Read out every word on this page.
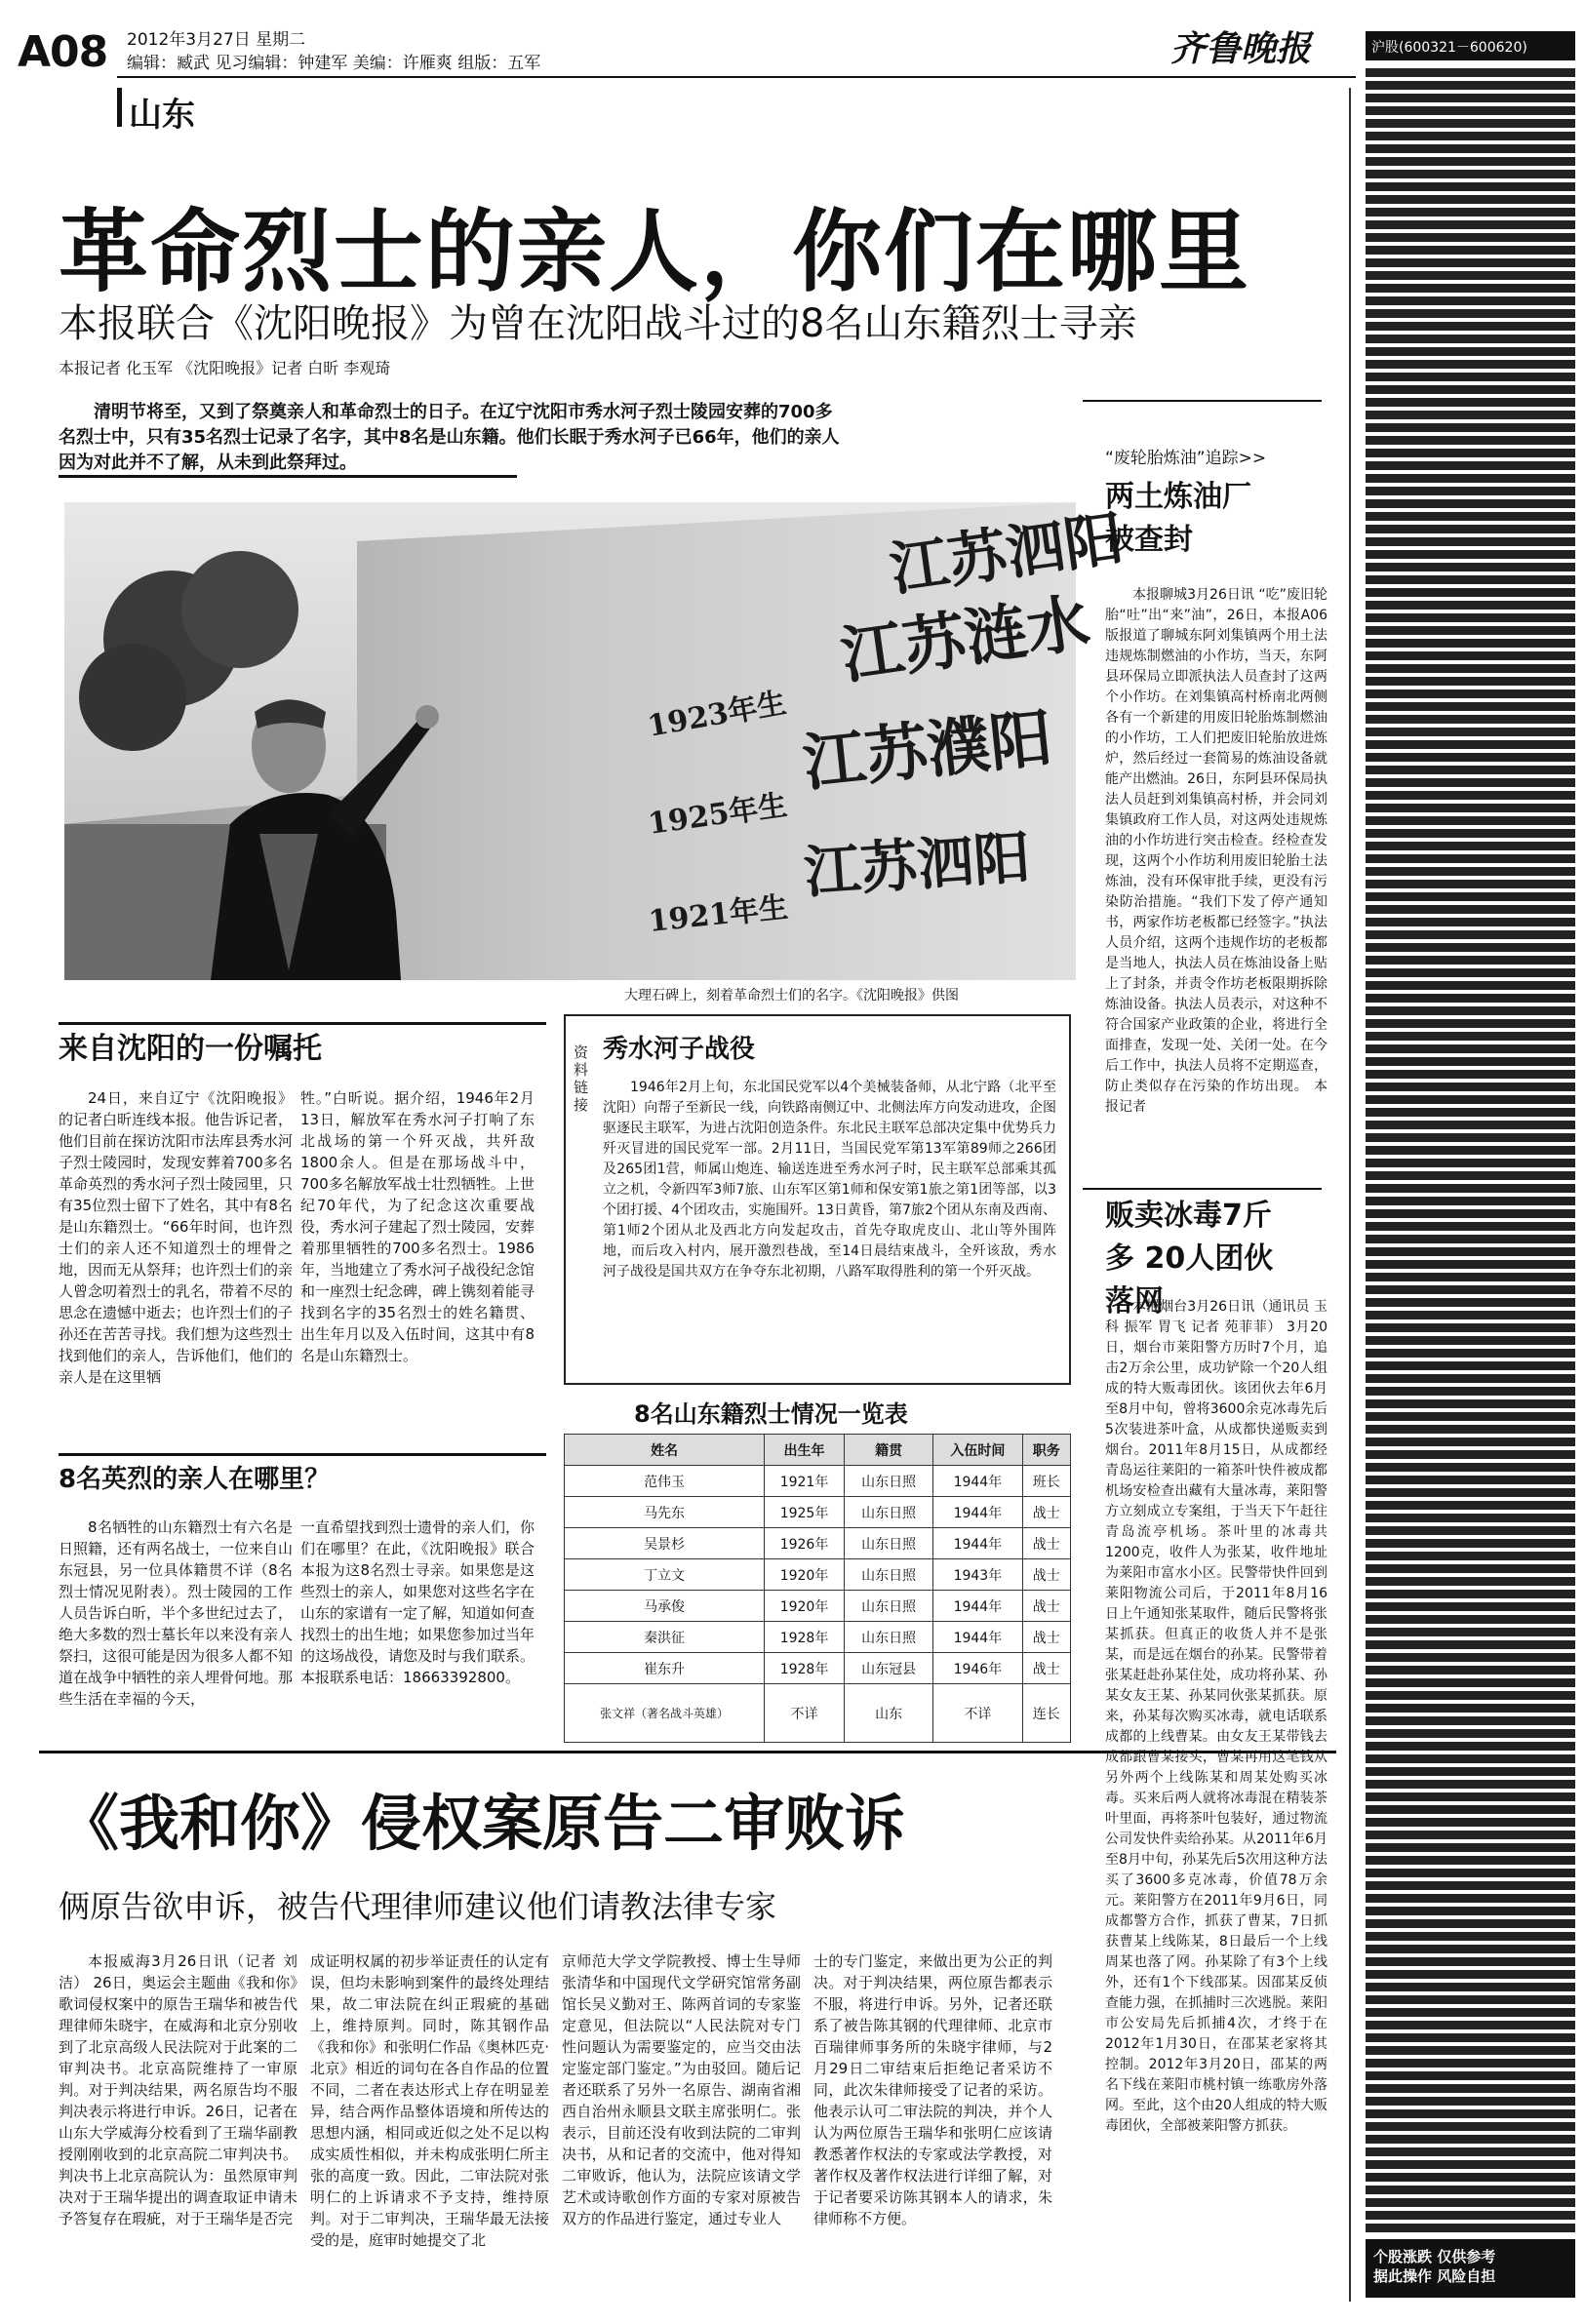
A08 2012年3月27日 星期二
编辑：臧武 见习编辑：钟建军 美编：许雁爽 组版：五军
山东
齐鲁晚报
革命烈士的亲人，你们在哪里
本报联合《沈阳晚报》为曾在沈阳战斗过的8名山东籍烈士寻亲
本报记者 化玉军 《沈阳晚报》记者 白昕 李观琦
清明节将至，又到了祭奠亲人和革命烈士的日子。在辽宁沈阳市秀水河子烈士陵园安葬的700多名烈士中，只有35名烈士记录了名字，其中8名是山东籍。他们长眠于秀水河子已66年，他们的亲人因为对此并不了解，从未到此祭拜过。
江苏泗阳
江苏涟水
江苏濮阳
江苏泗阳
1923年生
1925年生
1921年生
大理石碑上，刻着革命烈士们的名字。《沈阳晚报》供图
来自沈阳的一份嘱托
24日，来自辽宁《沈阳晚报》的记者白昕连线本报。他告诉记者，他们目前在探访沈阳市法库县秀水河子烈士陵园时，发现安葬着700多名革命英烈的秀水河子烈士陵园里，只有35位烈士留下了姓名，其中有8名是山东籍烈士。“66年时间，也许烈士们的亲人还不知道烈士的埋骨之地，因而无从祭拜；也许烈士们的亲人曾念叨着烈士的乳名，带着不尽的思念在遗憾中逝去；也许烈士们的子孙还在苦苦寻找。我们想为这些烈士找到他们的亲人，告诉他们，他们的亲人是在这里牺
牲。”白昕说。据介绍，1946年2月13日，解放军在秀水河子打响了东北战场的第一个歼灭战，共歼敌1800余人。但是在那场战斗中，700多名解放军战士壮烈牺牲。上世纪70年代，为了纪念这次重要战役，秀水河子建起了烈士陵园，安葬着那里牺牲的700多名烈士。1986年，当地建立了秀水河子战役纪念馆和一座烈士纪念碑，碑上镌刻着能寻找到名字的35名烈士的姓名籍贯、出生年月以及入伍时间，这其中有8名是山东籍烈士。
8名英烈的亲人在哪里？
8名牺牲的山东籍烈士有六名是日照籍，还有两名战士，一位来自山东冠县，另一位具体籍贯不详（8名烈士情况见附表）。烈士陵园的工作人员告诉白昕，半个多世纪过去了，绝大多数的烈士墓长年以来没有亲人祭扫，这很可能是因为很多人都不知道在战争中牺牲的亲人埋骨何地。那些生活在幸福的今天，
一直希望找到烈士遗骨的亲人们，你们在哪里？在此，《沈阳晚报》联合本报为这8名烈士寻亲。如果您是这些烈士的亲人，如果您对这些名字在山东的家谱有一定了解，知道如何查找烈士的出生地；如果您参加过当年的这场战役，请您及时与我们联系。本报联系电话：18663392800。
资料链接
秀水河子战役
1946年2月上旬，东北国民党军以4个美械装备师，从北宁路（北平至沈阳）向帮子至新民一线，向铁路南侧辽中、北侧法库方向发动进攻，企图驱逐民主联军，为进占沈阳创造条件。东北民主联军总部决定集中优势兵力歼灭冒进的国民党军一部。2月11日，当国民党军第13军第89师之266团及265团1营，师属山炮连、输送连进至秀水河子时，民主联军总部乘其孤立之机，令新四军3师7旅、山东军区第1师和保安第1旅之第1团等部，以3个团打援、4个团攻击，实施围歼。13日黄昏，第7旅2个团从东南及西南、第1师2个团从北及西北方向发起攻击，首先夺取虎皮山、北山等外围阵地，而后攻入村内，展开激烈巷战，至14日晨结束战斗，全歼该敌，秀水河子战役是国共双方在争夺东北初期，八路军取得胜利的第一个歼灭战。
8名山东籍烈士情况一览表
姓名	出生年	籍贯	入伍时间	职务
范伟玉	1921年	山东日照	1944年	班长
马先东	1925年	山东日照	1944年	战士
吴景杉	1926年	山东日照	1944年	战士
丁立文	1920年	山东日照	1943年	战士
马承俊	1920年	山东日照	1944年	战士
秦洪征	1928年	山东日照	1944年	战士
崔东升	1928年	山东冠县	1946年	战士
张文祥（著名战斗英雄）	不详	山东	不详	连长
《我和你》侵权案原告二审败诉
俩原告欲申诉，被告代理律师建议他们请教法律专家
本报威海3月26日讯（记者 刘洁） 26日，奥运会主题曲《我和你》歌词侵权案中的原告王瑞华和被告代理律师朱晓宇，在威海和北京分别收到了北京高级人民法院对于此案的二审判决书。北京高院维持了一审原判。对于判决结果，两名原告均不服判决表示将进行申诉。26日，记者在山东大学威海分校看到了王瑞华副教授刚刚收到的北京高院二审判决书。判决书上北京高院认为：虽然原审判决对于王瑞华提出的调查取证申请未予答复存在瑕疵，对于王瑞华是否完
成证明权属的初步举证责任的认定有误，但均未影响到案件的最终处理结果，故二审法院在纠正瑕疵的基础上，维持原判。同时，陈其钢作品《我和你》和张明仁作品《奥林匹克·北京》相近的词句在各自作品的位置不同，二者在表达形式上存在明显差异，结合两作品整体语境和所传达的思想内涵，相同或近似之处不足以构成实质性相似，并未构成张明仁所主张的高度一致。因此，二审法院对张明仁的上诉请求不予支持，维持原判。对于二审判决，王瑞华最无法接受的是，庭审时她提交了北
京师范大学文学院教授、博士生导师张清华和中国现代文学研究馆常务副馆长吴义勤对王、陈两首词的专家鉴定意见，但法院以“人民法院对专门性问题认为需要鉴定的，应当交由法定鉴定部门鉴定。”为由驳回。随后记者还联系了另外一名原告、湖南省湘西自治州永顺县文联主席张明仁。张表示，目前还没有收到法院的二审判决书，从和记者的交流中，他对得知二审败诉，他认为，法院应该请文学艺术或诗歌创作方面的专家对原被告双方的作品进行鉴定，通过专业人
士的专门鉴定，来做出更为公正的判决。对于判决结果，两位原告都表示不服，将进行申诉。另外，记者还联系了被告陈其钢的代理律师、北京市百瑞律师事务所的朱晓宇律师，与2月29日二审结束后拒绝记者采访不同，此次朱律师接受了记者的采访。他表示认可二审法院的判决，并个人认为两位原告王瑞华和张明仁应该请教悉著作权法的专家或法学教授，对著作权及著作权法进行详细了解，对于记者要采访陈其钢本人的请求，朱律师称不方便。
“废轮胎炼油”追踪>>
两土炼油厂被查封
本报聊城3月26日讯 “吃”废旧轮胎“吐”出“来”油”，26日，本报A06版报道了聊城东阿刘集镇两个用土法违规炼制燃油的小作坊，当天，东阿县环保局立即派执法人员查封了这两个小作坊。在刘集镇高村桥南北两侧各有一个新建的用废旧轮胎炼制燃油的小作坊，工人们把废旧轮胎放进炼炉，然后经过一套简易的炼油设备就能产出燃油。26日，东阿县环保局执法人员赶到刘集镇高村桥，并会同刘集镇政府工作人员，对这两处违规炼油的小作坊进行突击检查。经检查发现，这两个小作坊利用废旧轮胎土法炼油，没有环保审批手续，更没有污染防治措施。“我们下发了停产通知书，两家作坊老板都已经签字。”执法人员介绍，这两个违规作坊的老板都是当地人，执法人员在炼油设备上贴上了封条，并责令作坊老板限期拆除炼油设备。执法人员表示，对这种不符合国家产业政策的企业，将进行全面排查，发现一处、关闭一处。在今后工作中，执法人员将不定期巡查，防止类似存在污染的作坊出现。 本报记者
贩卖冰毒7斤多 20人团伙落网
本报烟台3月26日讯（通讯员 玉科 振军 胃飞 记者 苑菲菲） 3月20日，烟台市莱阳警方历时7个月，追击2万余公里，成功铲除一个20人组成的特大贩毒团伙。该团伙去年6月至8月中旬，曾将3600余克冰毒先后5次装进茶叶盒，从成都快递贩卖到烟台。2011年8月15日，从成都经青岛运往莱阳的一箱茶叶快件被成都机场安检查出藏有大量冰毒，莱阳警方立刻成立专案组，于当天下午赶往青岛流亭机场。茶叶里的冰毒共1200克，收件人为张某，收件地址为莱阳市富水小区。民警带快件回到莱阳物流公司后，于2011年8月16日上午通知张某取件，随后民警将张某抓获。但真正的收货人并不是张某，而是远在烟台的孙某。民警带着张某赶赴孙某住处，成功将孙某、孙某女友王某、孙某同伙张某抓获。原来，孙某每次购买冰毒，就电话联系成都的上线曹某。由女友王某带钱去成都跟曹某接头，曹某再用这笔钱从另外两个上线陈某和周某处购买冰毒。买来后两人就将冰毒混在精装茶叶里面，再将茶叶包装好，通过物流公司发快件卖给孙某。从2011年6月至8月中旬，孙某先后5次用这种方法买了3600多克冰毒，价值78万余元。莱阳警方在2011年9月6日，同成都警方合作，抓获了曹某，7日抓获曹某上线陈某，8日最后一个上线周某也落了网。孙某除了有3个上线外，还有1个下线邵某。因邵某反侦查能力强，在抓捕时三次逃脱。莱阳市公安局先后抓捕4次，才终于在2012年1月30日，在邵某老家将其控制。2012年3月20日，邵某的两名下线在莱阳市桃村镇一练歌房外落网。至此，这个由20人组成的特大贩毒团伙，全部被莱阳警方抓获。
沪股(600321－600620)
个股涨跌 仅供参考
据此操作 风险自担
